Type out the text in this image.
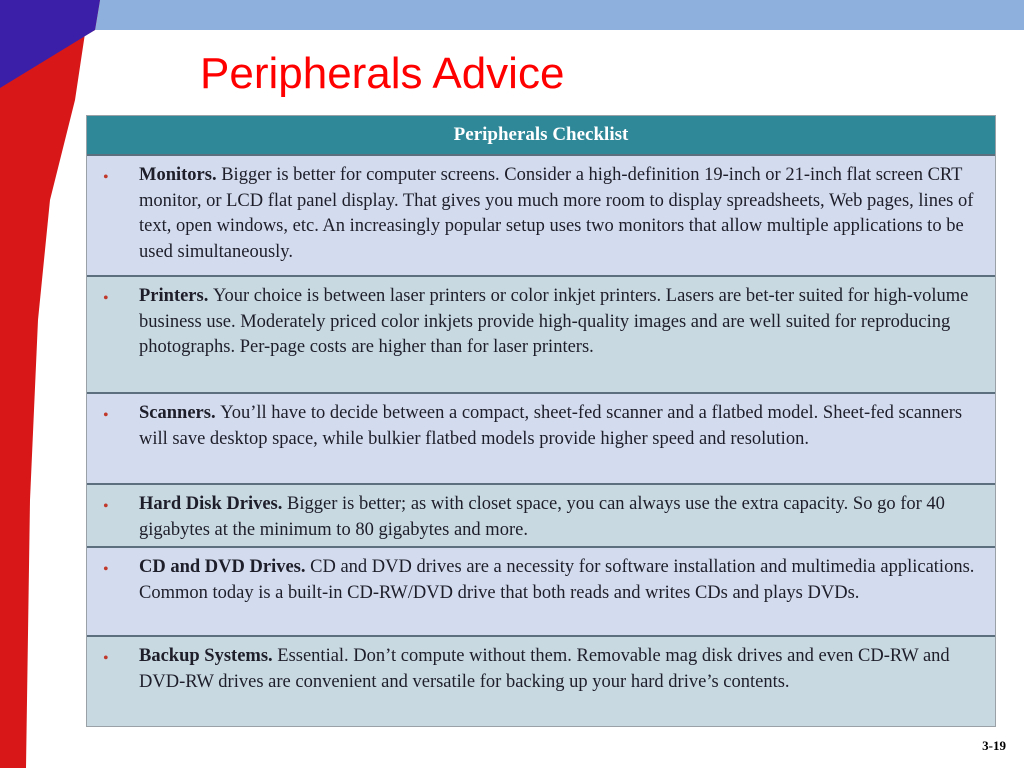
Peripherals Advice
Peripherals Checklist
• Monitors. Bigger is better for computer screens. Consider a high-definition 19-inch or 21-inch flat screen CRT monitor, or LCD flat panel display. That gives you much more room to display spreadsheets, Web pages, lines of text, open windows, etc. An increasingly popular setup uses two monitors that allow multiple applications to be used simultaneously.
• Printers. Your choice is between laser printers or color inkjet printers. Lasers are bet-ter suited for high-volume business use. Moderately priced color inkjets provide high-quality images and are well suited for reproducing photographs. Per-page costs are higher than for laser printers.
• Scanners. You’ll have to decide between a compact, sheet-fed scanner and a flatbed model. Sheet-fed scanners will save desktop space, while bulkier flatbed models provide higher speed and resolution.
• Hard Disk Drives. Bigger is better; as with closet space, you can always use the extra capacity. So go for 40 gigabytes at the minimum to 80 gigabytes and more.
• CD and DVD Drives. CD and DVD drives are a necessity for software installation and multimedia applications. Common today is a built-in CD-RW/DVD drive that both reads and writes CDs and plays DVDs.
• Backup Systems. Essential. Don’t compute without them. Removable mag disk drives and even CD-RW and DVD-RW drives are convenient and versatile for backing up your hard drive’s contents.
3-19
